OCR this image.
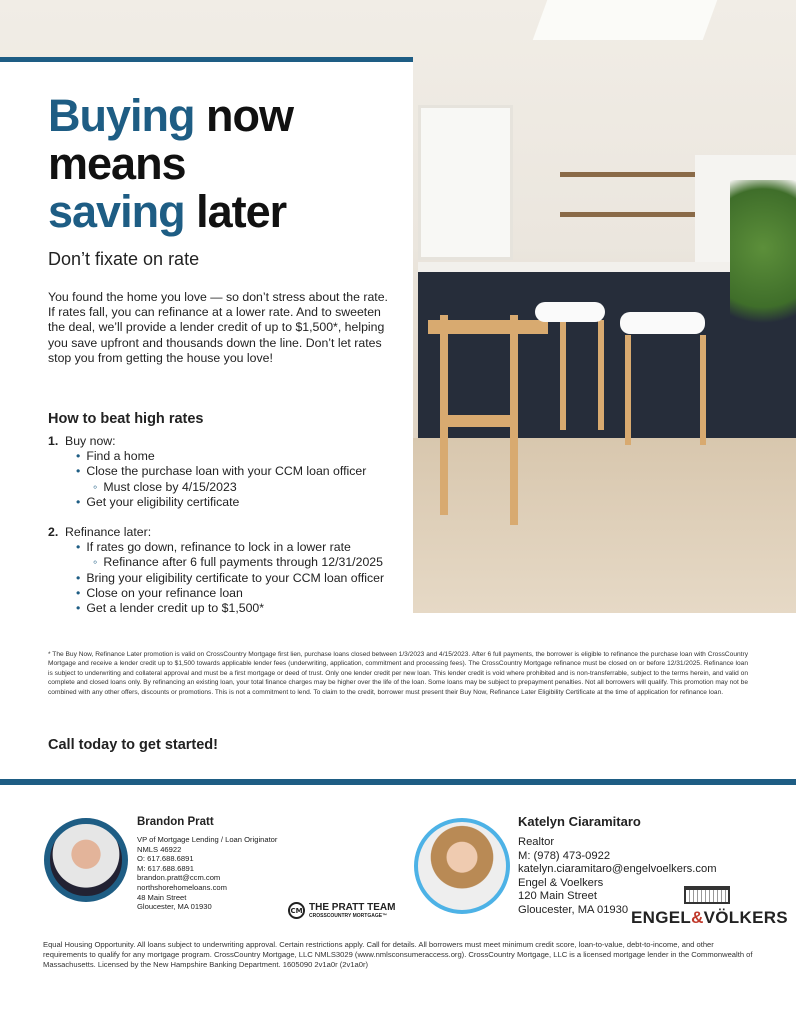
Buying now
means
saving later
Don’t fixate on rate

You found the home you love — so don’t stress about the rate. If rates fall, you can refinance at a lower rate. And to sweeten the deal, we’ll provide a lender credit of up to $1,500*, helping you save upfront and thousands down the line. Don’t let rates stop you from getting the house you love!

How to beat high rates
1. Buy now:
• Find a home
• Close the purchase loan with your CCM loan officer
◦ Must close by 4/15/2023
• Get your eligibility certificate
2. Refinance later:
• If rates go down, refinance to lock in a lower rate
◦ Refinance after 6 full payments through 12/31/2025
• Bring your eligibility certificate to your CCM loan officer
• Close on your refinance loan
• Get a lender credit up to $1,500*

* The Buy Now, Refinance Later promotion is valid on CrossCountry Mortgage first lien, purchase loans closed between 1/3/2023 and 4/15/2023. After 6 full payments, the borrower is eligible to refinance the purchase loan with CrossCountry Mortgage and receive a lender credit up to $1,500 towards applicable lender fees (underwriting, application, commitment and processing fees). The CrossCountry Mortgage refinance must be closed on or before 12/31/2025. Refinance loan is subject to underwriting and collateral approval and must be a first mortgage or deed of trust. Only one lender credit per new loan. This lender credit is void where prohibited and is non-transferrable, subject to the terms herein, and valid on complete and closed loans only. By refinancing an existing loan, your total finance charges may be higher over the life of the loan. Some loans may be subject to prepayment penalties. Not all borrowers will qualify. This promotion may not be combined with any other offers, discounts or promotions. This is not a commitment to lend. To claim to the credit, borrower must present their Buy Now, Refinance Later Eligibility Certificate at the time of application for refinance loan.

Call today to get started!
Brandon Pratt
VP of Mortgage Lending / Loan Originator
NMLS 46922
O: 617.688.6891
M: 617.688.6891
brandon.pratt@ccm.com
northshorehomeloans.com
48 Main Street
Gloucester, MA 01930	CM THE PRATT TEAM
CROSSCOUNTRY MORTGAGE™
Katelyn Ciaramitaro
Realtor
M: (978) 473-0922
katelyn.ciaramitaro@engelvoelkers.com
Engel & Voelkers
120 Main Street
Gloucester, MA 01930 ENGEL&VÖLKERS

Equal Housing Opportunity. All loans subject to underwriting approval. Certain restrictions apply. Call for details. All borrowers must meet minimum credit score, loan-to-value, debt-to-income, and other requirements to qualify for any mortgage program. CrossCountry Mortgage, LLC NMLS3029 (www.nmlsconsumeraccess.org). CrossCountry Mortgage, LLC is a licensed mortgage lender in the Commonwealth of Massachusetts. Licensed by the New Hampshire Banking Department. 1605090 2v1a0r (2v1a0r)
